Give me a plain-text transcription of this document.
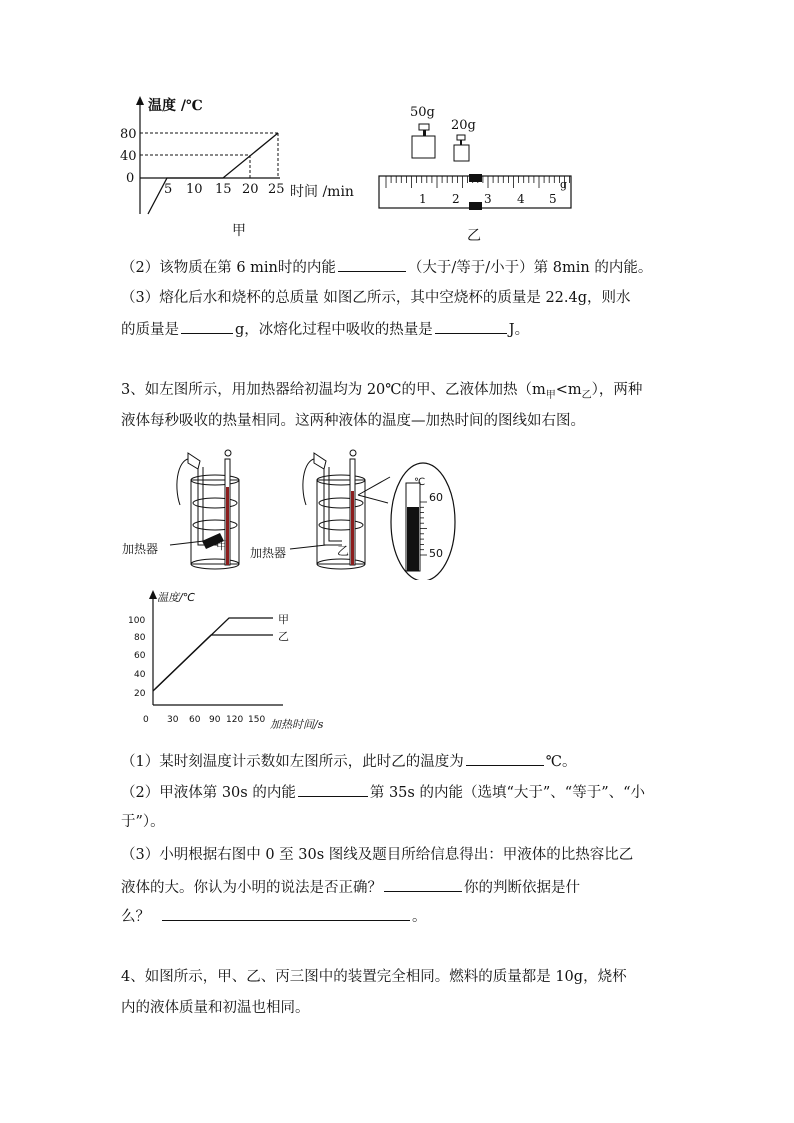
温度 /℃
80
40
0
5 10 15 20 25 时间 /min
甲
50g
20g
1 2 3 4 5
g
乙
（2）该物质在第 6 min时的内能	（大于/等于/小于）第 8min 的内能。
（3）熔化后水和烧杯的总质量 如图乙所示，其中空烧杯的质量是 22.4g，则水
的质量是	g，冰熔化过程中吸收的热量是	J。
3、如左图所示，用加热器给初温均为 20℃的甲、乙液体加热$(m_甲<m_乙)$，两种
液体每秒吸收的热量相同。这两种液体的温度—加热时间的图线如右图。
加热器	甲
加热器	乙
℃
60
50
温度/℃
100
80
60
40
20
0 30 60 90 120 150 加热时间/s
甲
乙
（1）某时刻温度计示数如左图所示，此时乙的温度为	℃。
（2）甲液体第 30s 的内能	第 35s 的内能（选填“大于”、“等于”、“小
于”）。
（3）小明根据右图中 0 至 30s 图线及题目所给信息得出：甲液体的比热容比乙
液体的大。你认为小明的说法是否正确？	你的判断依据是什
么？	。
4、如图所示，甲、乙、丙三图中的装置完全相同。燃料的质量都是 10g，烧杯
内的液体质量和初温也相同。
